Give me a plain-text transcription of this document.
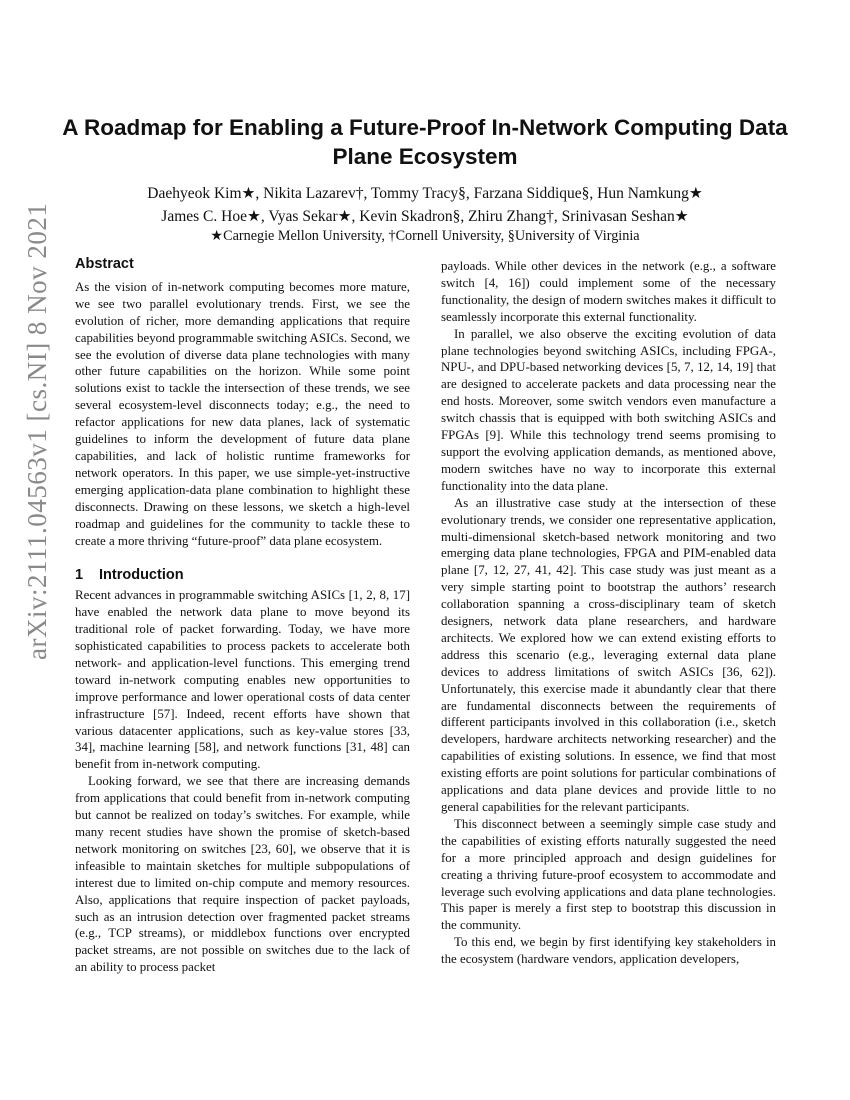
arXiv:2111.04563v1 [cs.NI] 8 Nov 2021
A Roadmap for Enabling a Future-Proof In-Network Computing Data Plane Ecosystem
Daehyeok Kim★, Nikita Lazarev†, Tommy Tracy§, Farzana Siddique§, Hun Namkung★
James C. Hoe★, Vyas Sekar★, Kevin Skadron§, Zhiru Zhang†, Srinivasan Seshan★
★Carnegie Mellon University, †Cornell University, §University of Virginia
Abstract

As the vision of in-network computing becomes more mature, we see two parallel evolutionary trends. First, we see the evolution of richer, more demanding applications that require capabilities beyond programmable switching ASICs. Second, we see the evolution of diverse data plane technologies with many other future capabilities on the horizon. While some point solutions exist to tackle the intersection of these trends, we see several ecosystem-level disconnects today; e.g., the need to refactor applications for new data planes, lack of systematic guidelines to inform the development of future data plane capabilities, and lack of holistic runtime frameworks for network operators. In this paper, we use simple-yet-instructive emerging application-data plane combination to highlight these disconnects. Drawing on these lessons, we sketch a high-level roadmap and guidelines for the community to tackle these to create a more thriving “future-proof” data plane ecosystem.

1 Introduction

Recent advances in programmable switching ASICs [1, 2, 8, 17] have enabled the network data plane to move beyond its traditional role of packet forwarding. Today, we have more sophisticated capabilities to process packets to accelerate both network- and application-level functions. This emerging trend toward in-network computing enables new opportunities to improve performance and lower operational costs of data center infrastructure [57]. Indeed, recent efforts have shown that various datacenter applications, such as key-value stores [33, 34], machine learning [58], and network functions [31, 48] can benefit from in-network computing.

Looking forward, we see that there are increasing demands from applications that could benefit from in-network computing but cannot be realized on today’s switches. For example, while many recent studies have shown the promise of sketch-based network monitoring on switches [23, 60], we observe that it is infeasible to maintain sketches for multiple subpopulations of interest due to limited on-chip compute and memory resources. Also, applications that require inspection of packet payloads, such as an intrusion detection over fragmented packet streams (e.g., TCP streams), or middlebox functions over encrypted packet streams, are not possible on switches due to the lack of an ability to process packet

payloads. While other devices in the network (e.g., a software switch [4, 16]) could implement some of the necessary functionality, the design of modern switches makes it difficult to seamlessly incorporate this external functionality.

In parallel, we also observe the exciting evolution of data plane technologies beyond switching ASICs, including FPGA-, NPU-, and DPU-based networking devices [5, 7, 12, 14, 19] that are designed to accelerate packets and data processing near the end hosts. Moreover, some switch vendors even manufacture a switch chassis that is equipped with both switching ASICs and FPGAs [9]. While this technology trend seems promising to support the evolving application demands, as mentioned above, modern switches have no way to incorporate this external functionality into the data plane.

As an illustrative case study at the intersection of these evolutionary trends, we consider one representative application, multi-dimensional sketch-based network monitoring and two emerging data plane technologies, FPGA and PIM-enabled data plane [7, 12, 27, 41, 42]. This case study was just meant as a very simple starting point to bootstrap the authors’ research collaboration spanning a cross-disciplinary team of sketch designers, network data plane researchers, and hardware architects. We explored how we can extend existing efforts to address this scenario (e.g., leveraging external data plane devices to address limitations of switch ASICs [36, 62]). Unfortunately, this exercise made it abundantly clear that there are fundamental disconnects between the requirements of different participants involved in this collaboration (i.e., sketch developers, hardware architects networking researcher) and the capabilities of existing solutions. In essence, we find that most existing efforts are point solutions for particular combinations of applications and data plane devices and provide little to no general capabilities for the relevant participants.

This disconnect between a seemingly simple case study and the capabilities of existing efforts naturally suggested the need for a more principled approach and design guidelines for creating a thriving future-proof ecosystem to accommodate and leverage such evolving applications and data plane technologies. This paper is merely a first step to bootstrap this discussion in the community.

To this end, we begin by first identifying key stakeholders in the ecosystem (hardware vendors, application developers,
